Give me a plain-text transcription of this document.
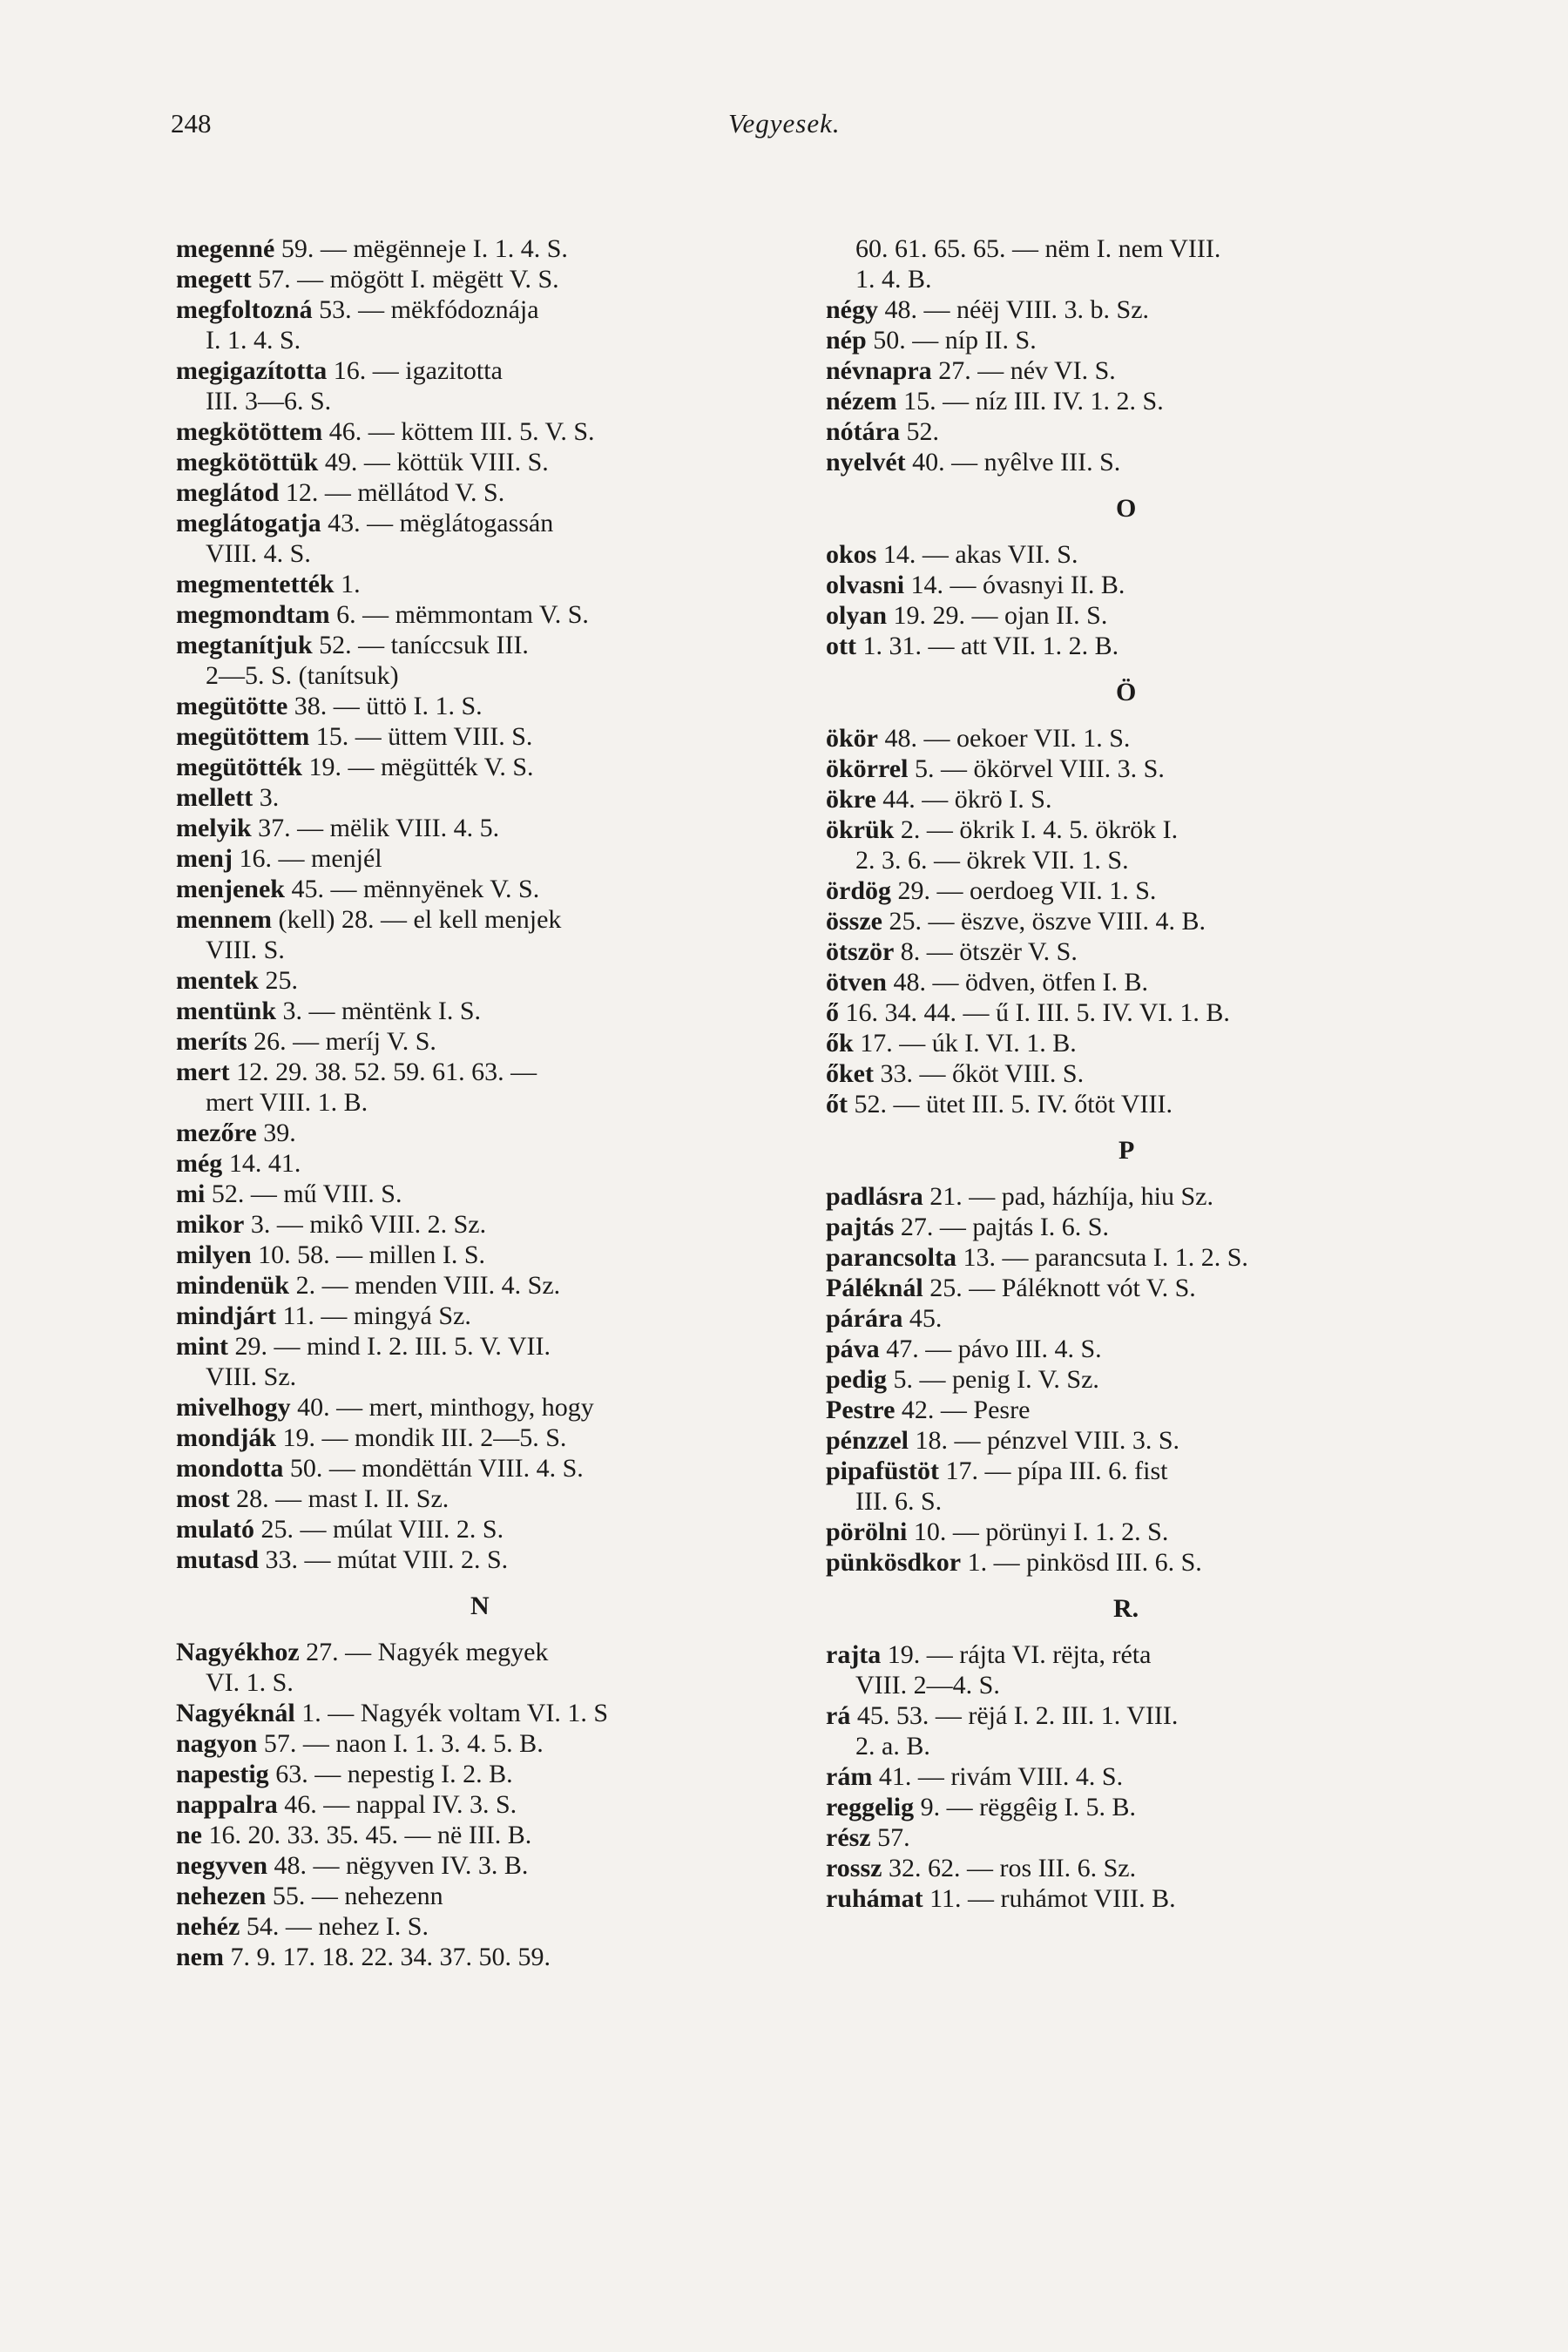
248	Vegyesek.
megenné 59. — mëgënneje I. 1. 4. S.
megett 57. — mögött I. mëgëtt V. S.
megfoltozná 53. — mëkfódoznája
I. 1. 4. S.
megigazította 16. — igazitotta
III. 3—6. S.
megkötöttem 46. — köttem III. 5. V. S.
megkötöttük 49. — köttük VIII. S.
meglátod 12. — mëllátod V. S.
meglátogatja 43. — mëglátogassán
VIII. 4. S.
megmentették 1.
megmondtam 6. — mëmmontam V. S.
megtanítjuk 52. — taníccsuk III.
2—5. S. (tanítsuk)
megütötte 38. — üttö I. 1. S.
megütöttem 15. — üttem VIII. S.
megütötték 19. — mëgütték V. S.
mellett 3.
melyik 37. — mëlik VIII. 4. 5.
menj 16. — menjél
menjenek 45. — mënnyënek V. S.
mennem (kell) 28. — el kell menjek
VIII. S.
mentek 25.
mentünk 3. — mëntënk I. S.
meríts 26. — meríj V. S.
mert 12. 29. 38. 52. 59. 61. 63. —
mert VIII. 1. B.
mezőre 39.
még 14. 41.
mi 52. — mű VIII. S.
mikor 3. — mikô VIII. 2. Sz.
milyen 10. 58. — millen I. S.
mindenük 2. — menden VIII. 4. Sz.
mindjárt 11. — mingyá Sz.
mint 29. — mind I. 2. III. 5. V. VII.
VIII. Sz.
mivelhogy 40. — mert, minthogy, hogy
mondják 19. — mondik III. 2—5. S.
mondotta 50. — mondëttán VIII. 4. S.
most 28. — mast I. II. Sz.
mulató 25. — múlat VIII. 2. S.
mutasd 33. — mútat VIII. 2. S.
N
Nagyékhoz 27. — Nagyék megyek
VI. 1. S.
Nagyéknál 1. — Nagyék voltam VI. 1. S
nagyon 57. — naon I. 1. 3. 4. 5. B.
napestig 63. — nepestig I. 2. B.
nappalra 46. — nappal IV. 3. S.
ne 16. 20. 33. 35. 45. — në III. B.
negyven 48. — nëgyven IV. 3. B.
nehezen 55. — nehezenn
nehéz 54. — nehez I. S.
nem 7. 9. 17. 18. 22. 34. 37. 50. 59.
60. 61. 65. 65. — nëm I. nem VIII.
1. 4. B.
négy 48. — néëj VIII. 3. b. Sz.
nép 50. — níp II. S.
névnapra 27. — név VI. S.
nézem 15. — níz III. IV. 1. 2. S.
nótára 52.
nyelvét 40. — nyêlve III. S.
O
okos 14. — akas VII. S.
olvasni 14. — óvasnyi II. B.
olyan 19. 29. — ojan II. S.
ott 1. 31. — att VII. 1. 2. B.
Ö
ökör 48. — oekoer VII. 1. S.
ökörrel 5. — ökörvel VIII. 3. S.
ökre 44. — ökrö I. S.
ökrük 2. — ökrik I. 4. 5. ökrök I.
2. 3. 6. — ökrek VII. 1. S.
ördög 29. — oerdoeg VII. 1. S.
össze 25. — ëszve, öszve VIII. 4. B.
ötször 8. — ötszër V. S.
ötven 48. — ödven, ötfen I. B.
ő 16. 34. 44. — ű I. III. 5. IV. VI. 1. B.
ők 17. — úk I. VI. 1. B.
őket 33. — őköt VIII. S.
őt 52. — ütet III. 5. IV. őtöt VIII.
P
padlásra 21. — pad, házhíja, hiu Sz.
pajtás 27. — pajtás I. 6. S.
parancsolta 13. — parancsuta I. 1. 2. S.
Páléknál 25. — Páléknott vót V. S.
párára 45.
páva 47. — pávo III. 4. S.
pedig 5. — penig I. V. Sz.
Pestre 42. — Pesre
pénzzel 18. — pénzvel VIII. 3. S.
pipafüstöt 17. — pípa III. 6. fist
III. 6. S.
pörölni 10. — pörünyi I. 1. 2. S.
pünkösdkor 1. — pinkösd III. 6. S.
R.
rajta 19. — rájta VI. rëjta, réta
VIII. 2—4. S.
rá 45. 53. — rëjá I. 2. III. 1. VIII.
2. a. B.
rám 41. — rivám VIII. 4. S.
reggelig 9. — rëggêig I. 5. B.
rész 57.
rossz 32. 62. — ros III. 6. Sz.
ruhámat 11. — ruhámot VIII. B.
